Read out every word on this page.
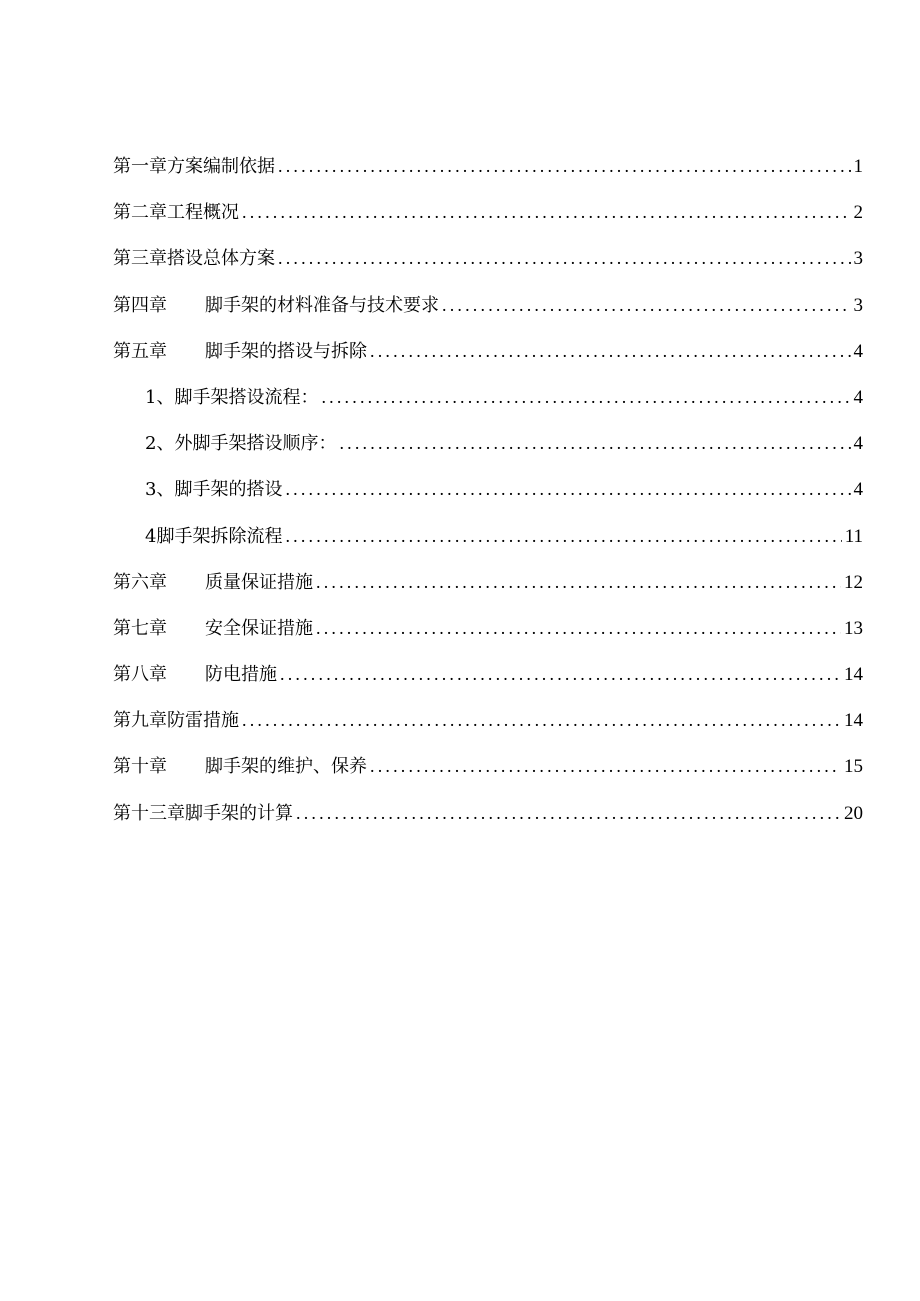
第一章方案编制依据 .....	1
第二章工程概况 .....	2
第三章搭设总体方案 .....	3
第四章 脚手架的材料准备与技术要求 .....	3
第五章 脚手架的搭设与拆除 .....	4
1、脚手架搭设流程： .....	4
2、外脚手架搭设顺序： .....	4
3、脚手架的搭设 .....	4
4脚手架拆除流程 .....	11
第六章 质量保证措施 .....	12
第七章 安全保证措施 .....	13
第八章 防电措施 .....	14
第九章防雷措施 .....	14
第十章 脚手架的维护、保养 .....	15
第十三章脚手架的计算 .....	20
